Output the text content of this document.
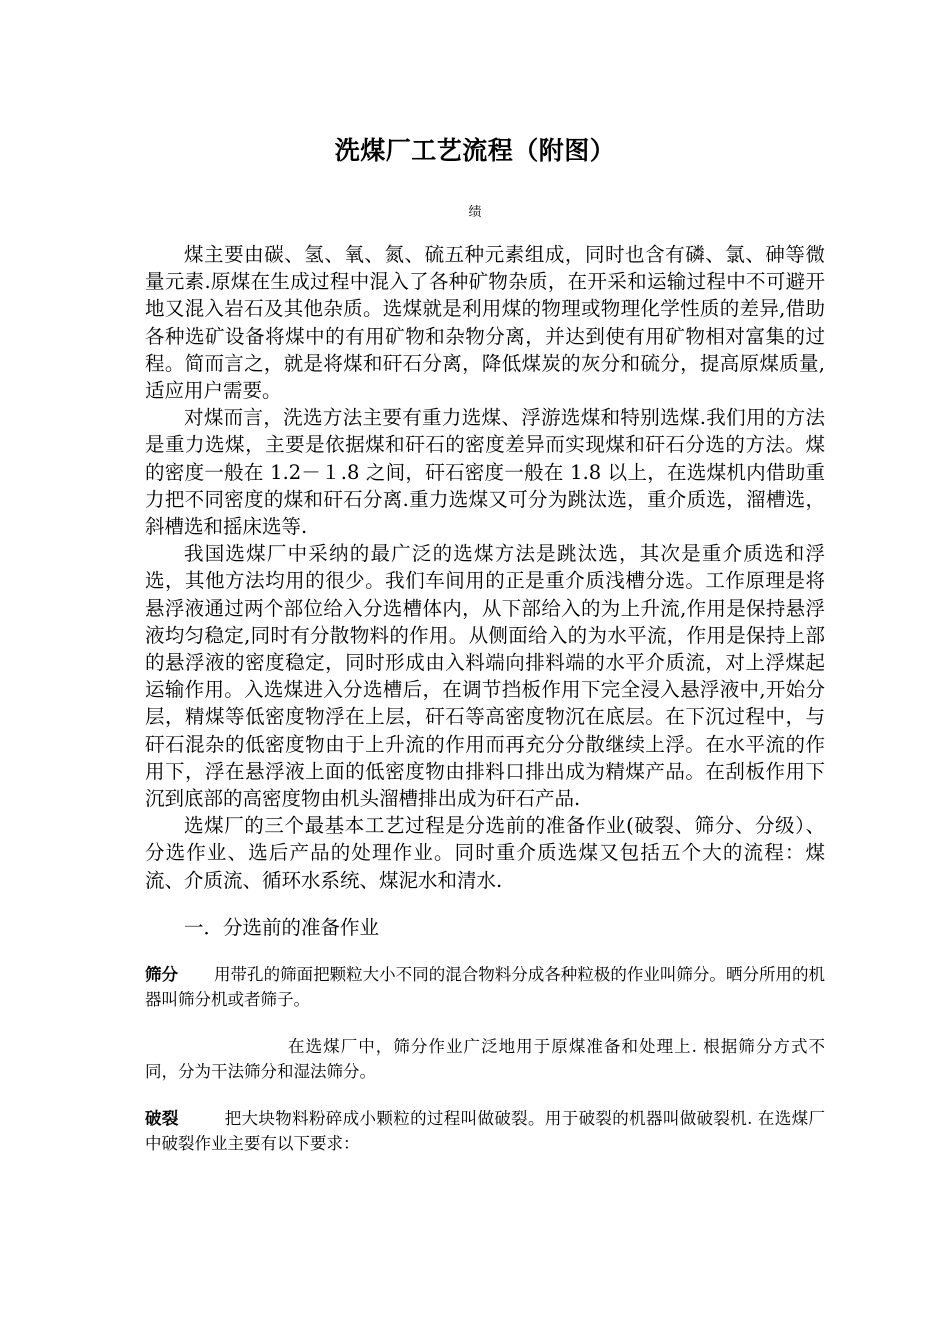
洗煤厂工艺流程（附图）
绩

煤主要由碳、氢、氧、氮、硫五种元素组成，同时也含有磷、氯、砷等微量元素.原煤在生成过程中混入了各种矿物杂质，在开采和运输过程中不可避开地又混入岩石及其他杂质。选煤就是利用煤的物理或物理化学性质的差异,借助各种选矿设备将煤中的有用矿物和杂物分离，并达到使有用矿物相对富集的过程。简而言之，就是将煤和矸石分离，降低煤炭的灰分和硫分，提高原煤质量,适应用户需要。

对煤而言，洗选方法主要有重力选煤、浮游选煤和特别选煤.我们用的方法是重力选煤，主要是依据煤和矸石的密度差异而实现煤和矸石分选的方法。煤的密度一般在 1.2－１.8 之间，矸石密度一般在 1.8 以上，在选煤机内借助重力把不同密度的煤和矸石分离.重力选煤又可分为跳汰选，重介质选，溜槽选，斜槽选和摇床选等.

我国选煤厂中采纳的最广泛的选煤方法是跳汰选，其次是重介质选和浮选，其他方法均用的很少。我们车间用的正是重介质浅槽分选。工作原理是将悬浮液通过两个部位给入分选槽体内，从下部给入的为上升流,作用是保持悬浮液均匀稳定,同时有分散物料的作用。从侧面给入的为水平流，作用是保持上部的悬浮液的密度稳定，同时形成由入料端向排料端的水平介质流，对上浮煤起运输作用。入选煤进入分选槽后，在调节挡板作用下完全浸入悬浮液中,开始分层，精煤等低密度物浮在上层，矸石等高密度物沉在底层。在下沉过程中，与矸石混杂的低密度物由于上升流的作用而再充分分散继续上浮。在水平流的作用下，浮在悬浮液上面的低密度物由排料口排出成为精煤产品。在刮板作用下沉到底部的高密度物由机头溜槽排出成为矸石产品.

选煤厂的三个最基本工艺过程是分选前的准备作业(破裂、筛分、分级）、分选作业、选后产品的处理作业。同时重介质选煤又包括五个大的流程：煤流、介质流、循环水系统、煤泥水和清水.

一．分选前的准备作业
筛分 用带孔的筛面把颗粒大小不同的混合物料分成各种粒极的作业叫筛分。晒分所用的机器叫筛分机或者筛子。
在选煤厂中，筛分作业广泛地用于原煤准备和处理上. 根据筛分方式不同，分为干法筛分和湿法筛分。
破裂	把大块物料粉碎成小颗粒的过程叫做破裂。用于破裂的机器叫做破裂机. 在选煤厂中破裂作业主要有以下要求：
